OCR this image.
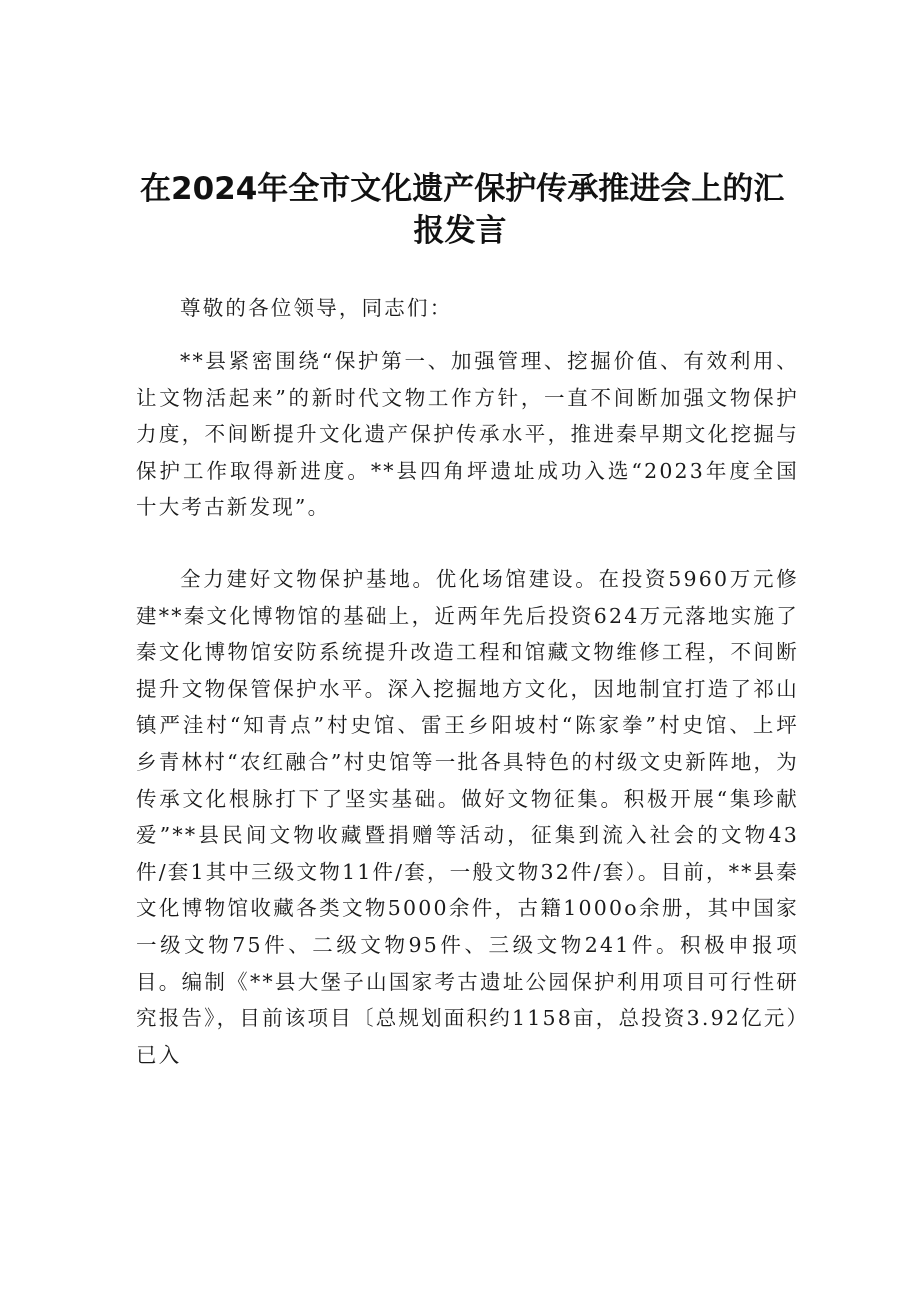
在2024年全市文化遗产保护传承推进会上的汇
报发言

尊敬的各位领导，同志们：

**县紧密围绕“保护第一、加强管理、挖掘价值、有效利用、让文物活起来”的新时代文物工作方针，一直不间断加强文物保护力度，不间断提升文化遗产保护传承水平，推进秦早期文化挖掘与保护工作取得新进度。**县四角坪遗址成功入选“2023年度全国十大考古新发现”。

全力建好文物保护基地。优化场馆建设。在投资5960万元修建**秦文化博物馆的基础上，近两年先后投资624万元落地实施了秦文化博物馆安防系统提升改造工程和馆藏文物维修工程，不间断提升文物保管保护水平。深入挖掘地方文化，因地制宜打造了祁山镇严洼村“知青点”村史馆、雷王乡阳坡村“陈家拳”村史馆、上坪乡青林村“农红融合”村史馆等一批各具特色的村级文史新阵地，为传承文化根脉打下了坚实基础。做好文物征集。积极开展“集珍献爱”**县民间文物收藏暨捐赠等活动，征集到流入社会的文物43件/套1其中三级文物11件/套，一般文物32件/套）。目前，**县秦文化博物馆收藏各类文物5000余件，古籍1000o余册，其中国家一级文物75件、二级文物95件、三级文物241件。积极申报项目。编制《**县大堡子山国家考古遗址公园保护利用项目可行性研究报告》，目前该项目〔总规划面积约1158亩，总投资3.92亿元）已入
